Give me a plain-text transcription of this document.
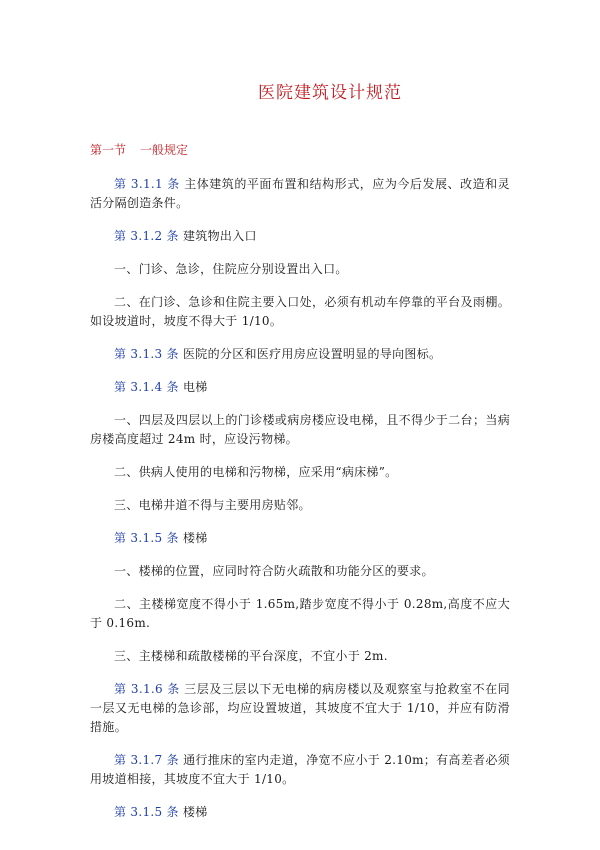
医院建筑设计规范
第一节 一般规定

第 3.1.1 条 主体建筑的平面布置和结构形式，应为今后发展、改造和灵活分隔创造条件。

第 3.1.2 条 建筑物出入口

一、门诊、急诊，住院应分别设置出入口。

二、在门诊、急诊和住院主要入口处，必须有机动车停靠的平台及雨棚。如设坡道时，坡度不得大于 1/10。

第 3.1.3 条 医院的分区和医疗用房应设置明显的导向图标。

第 3.1.4 条 电梯

一、四层及四层以上的门诊楼或病房楼应设电梯，且不得少于二台；当病房楼高度超过 24m 时，应设污物梯。

二、供病人使用的电梯和污物梯，应采用“病床梯”。

三、电梯井道不得与主要用房贴邻。

第 3.1.5 条 楼梯

一、楼梯的位置，应同时符合防火疏散和功能分区的要求。

二、主楼梯宽度不得小于 1.65m,踏步宽度不得小于 0.28m,高度不应大于 0.16m.

三、主楼梯和疏散楼梯的平台深度，不宜小于 2m.

第 3.1.6 条 三层及三层以下无电梯的病房楼以及观察室与抢救室不在同一层又无电梯的急诊部，均应设置坡道，其坡度不宜大于 1/10，并应有防滑措施。

第 3.1.7 条 通行推床的室内走道，净宽不应小于 2.10m；有高差者必须用坡道相接，其坡度不宜大于 1/10。

第 3.1.5 条 楼梯
